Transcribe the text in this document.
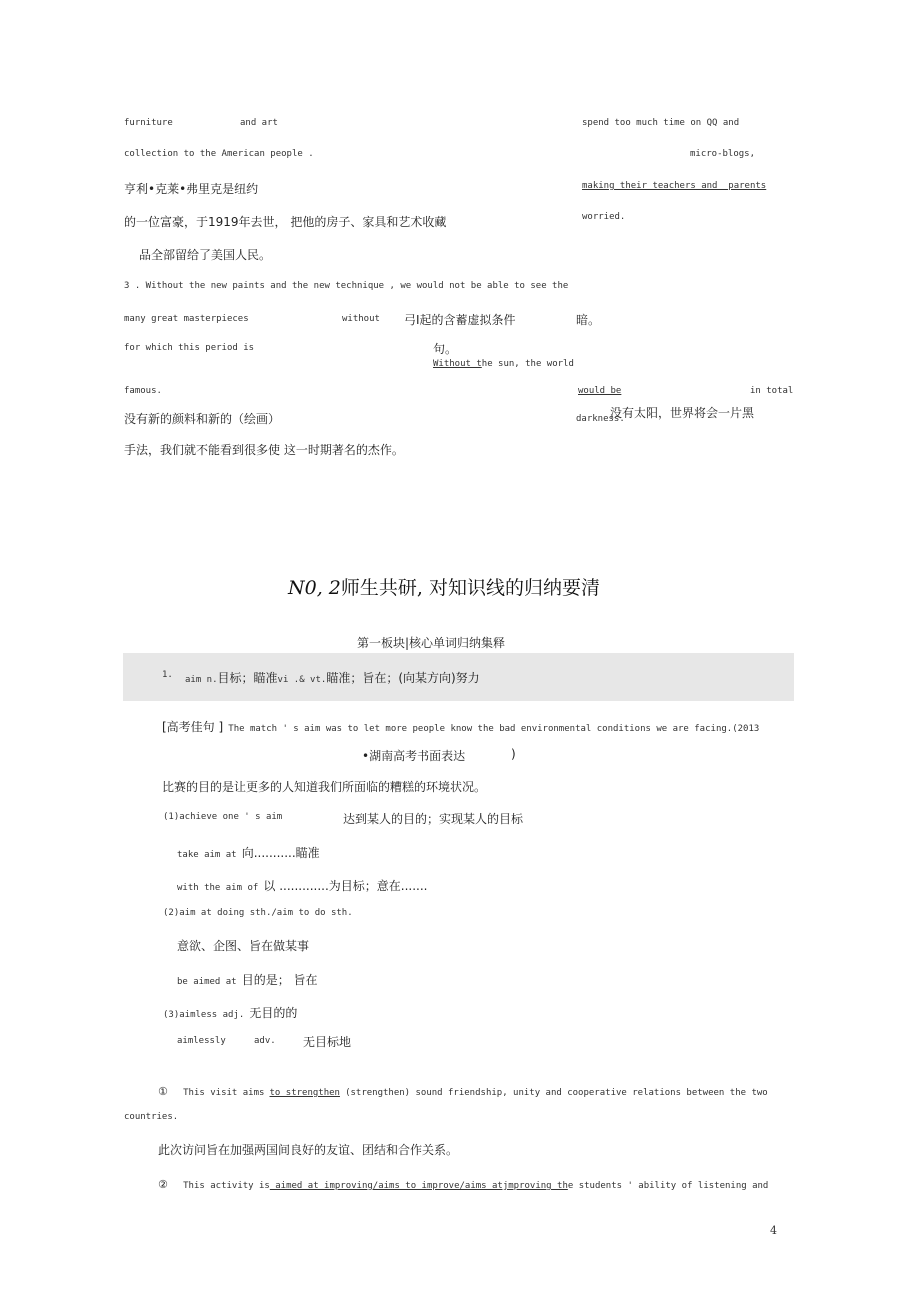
furniture	and art
collection to the American people .
亨利•克莱•弗里克是纽约
的一位富豪，于1919年去世， 把他的房子、家具和艺术收藏
品全部留给了美国人民。
3 . Without the new paints and the new technique , we would not be able to see the
many great masterpieces	without 弓I起的含蓄虚拟条件	暗。
for which this period is	句。
famous.
没有新的颜料和新的（绘画）
手法，我们就不能看到很多使 这一时期著名的杰作。
spend too much time on QQ and
micro-blogs,
making their teachers and _parents
worried.
Without the sun, the world
would be	in total
darkness.
没有太阳，世界将会一片黑
N0, 2师生共研, 对知识线的归纳要清
第一板块|核心单词归纳集释
1. aim n.目标；瞄准vi .& vt.瞄准；旨在；(向某方向)努力
[高考佳句 ] The match ' s aim was to let more people know the bad environmental conditions we are facing.(2013
•湖南高考书面表达	)
比赛的目的是让更多的人知道我们所面临的糟糕的环境状况。
(1)achieve one ' s aim	达到某人的目的；实现某人的目标
take aim at 向...........瞄准
with the aim of 以 .............为目标；意在.......
(2)aim at doing sth./aim to do sth.
意欲、企图、旨在做某事
be aimed at 目的是； 旨在
(3)aimless adj. 无目的的
aimlessly	adv. 无目标地
① This visit aims to strengthen (strengthen) sound friendship, unity and cooperative relations between the two
countries.
此次访问旨在加强两国间良好的友谊、团结和合作关系。
② This activity is_aimed at improving/aims to improve/aims atjmproving the students ' ability of listening and
4
